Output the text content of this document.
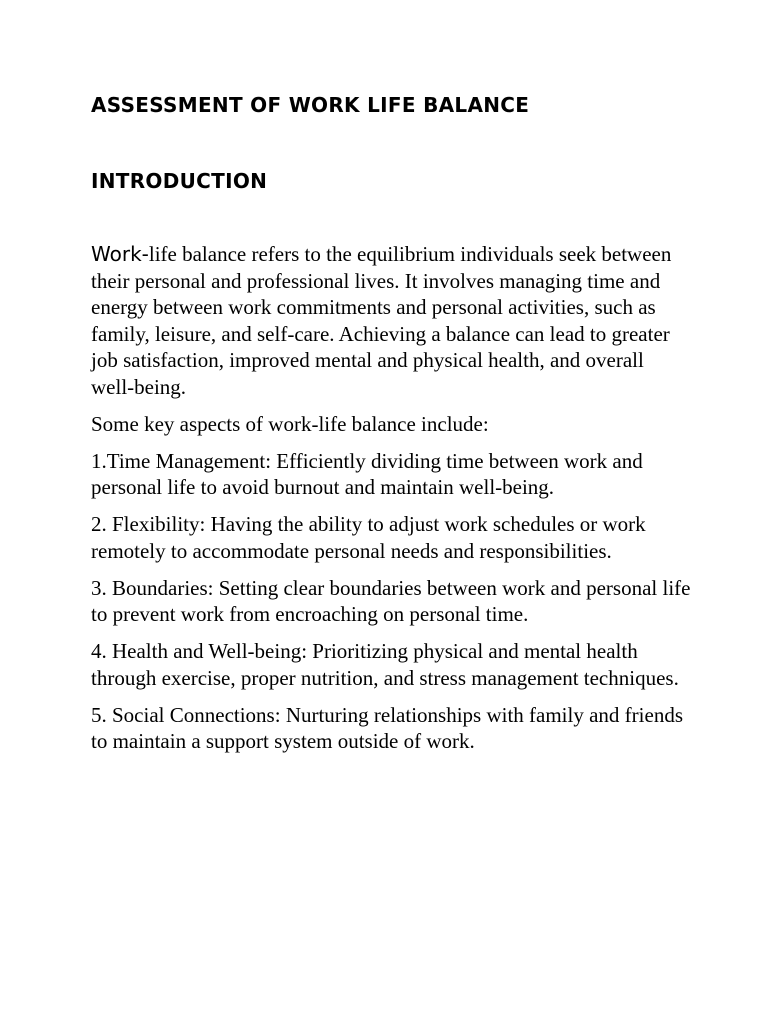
ASSESSMENT OF WORK LIFE BALANCE
INTRODUCTION

Work-life balance refers to the equilibrium individuals seek between their personal and professional lives. It involves managing time and energy between work commitments and personal activities, such as family, leisure, and self-care. Achieving a balance can lead to greater job satisfaction, improved mental and physical health, and overall well-being.

Some key aspects of work-life balance include:

1.Time Management: Efficiently dividing time between work and personal life to avoid burnout and maintain well-being.

2. Flexibility: Having the ability to adjust work schedules or work remotely to accommodate personal needs and responsibilities.

3. Boundaries: Setting clear boundaries between work and personal life to prevent work from encroaching on personal time.

4. Health and Well-being: Prioritizing physical and mental health through exercise, proper nutrition, and stress management techniques.

5. Social Connections: Nurturing relationships with family and friends to maintain a support system outside of work.
